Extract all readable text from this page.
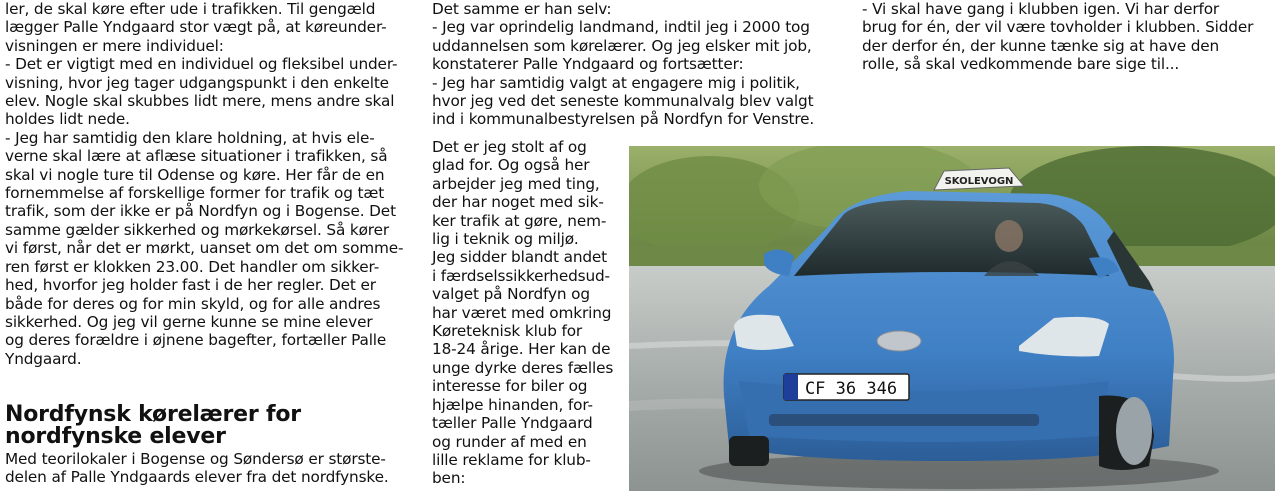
ler, de skal køre efter ude i trafikken. Til gengæld
lægger Palle Yndgaard stor vægt på, at køreunder-
visningen er mere individuel:
- Det er vigtigt med en individuel og fleksibel under-
visning, hvor jeg tager udgangspunkt i den enkelte
elev. Nogle skal skubbes lidt mere, mens andre skal
holdes lidt nede.
- Jeg har samtidig den klare holdning, at hvis ele-
verne skal lære at aflæse situationer i trafikken, så
skal vi nogle ture til Odense og køre. Her får de en
fornemmelse af forskellige former for trafik og tæt
trafik, som der ikke er på Nordfyn og i Bogense. Det
samme gælder sikkerhed og mørkekørsel. Så kører
vi først, når det er mørkt, uanset om det om somme-
ren først er klokken 23.00. Det handler om sikker-
hed, hvorfor jeg holder fast i de her regler. Det er
både for deres og for min skyld, og for alle andres
sikkerhed. Og jeg vil gerne kunne se mine elever
og deres forældre i øjnene bagefter, fortæller Palle
Yndgaard.
Nordfynsk kørelærer for
nordfynske elever
Med teorilokaler i Bogense og Søndersø er største-
delen af Palle Yndgaards elever fra det nordfynske.
Det samme er han selv:
- Jeg var oprindelig landmand, indtil jeg i 2000 tog
uddannelsen som kørelærer. Og jeg elsker mit job,
konstaterer Palle Yndgaard og fortsætter:
- Jeg har samtidig valgt at engagere mig i politik,
hvor jeg ved det seneste kommunalvalg blev valgt
ind i kommunalbestyrelsen på Nordfyn for Venstre.
Det er jeg stolt af og
glad for. Og også her
arbejder jeg med ting,
der har noget med sik-
ker trafik at gøre, nem-
lig i teknik og miljø.
Jeg sidder blandt andet
i færdselssikkerhedsud-
valget på Nordfyn og
har været med omkring
Køreteknisk klub for
18-24 årige. Her kan de
unge dyrke deres fælles
interesse for biler og
hjælpe hinanden, for-
tæller Palle Yndgaard
og runder af med en
lille reklame for klub-
ben:
- Vi skal have gang i klubben igen. Vi har derfor
brug for én, der vil være tovholder i klubben. Sidder
der derfor én, der kunne tænke sig at have den
rolle, så skal vedkommende bare sige til...
CF 36 346
SKOLEVOGN
